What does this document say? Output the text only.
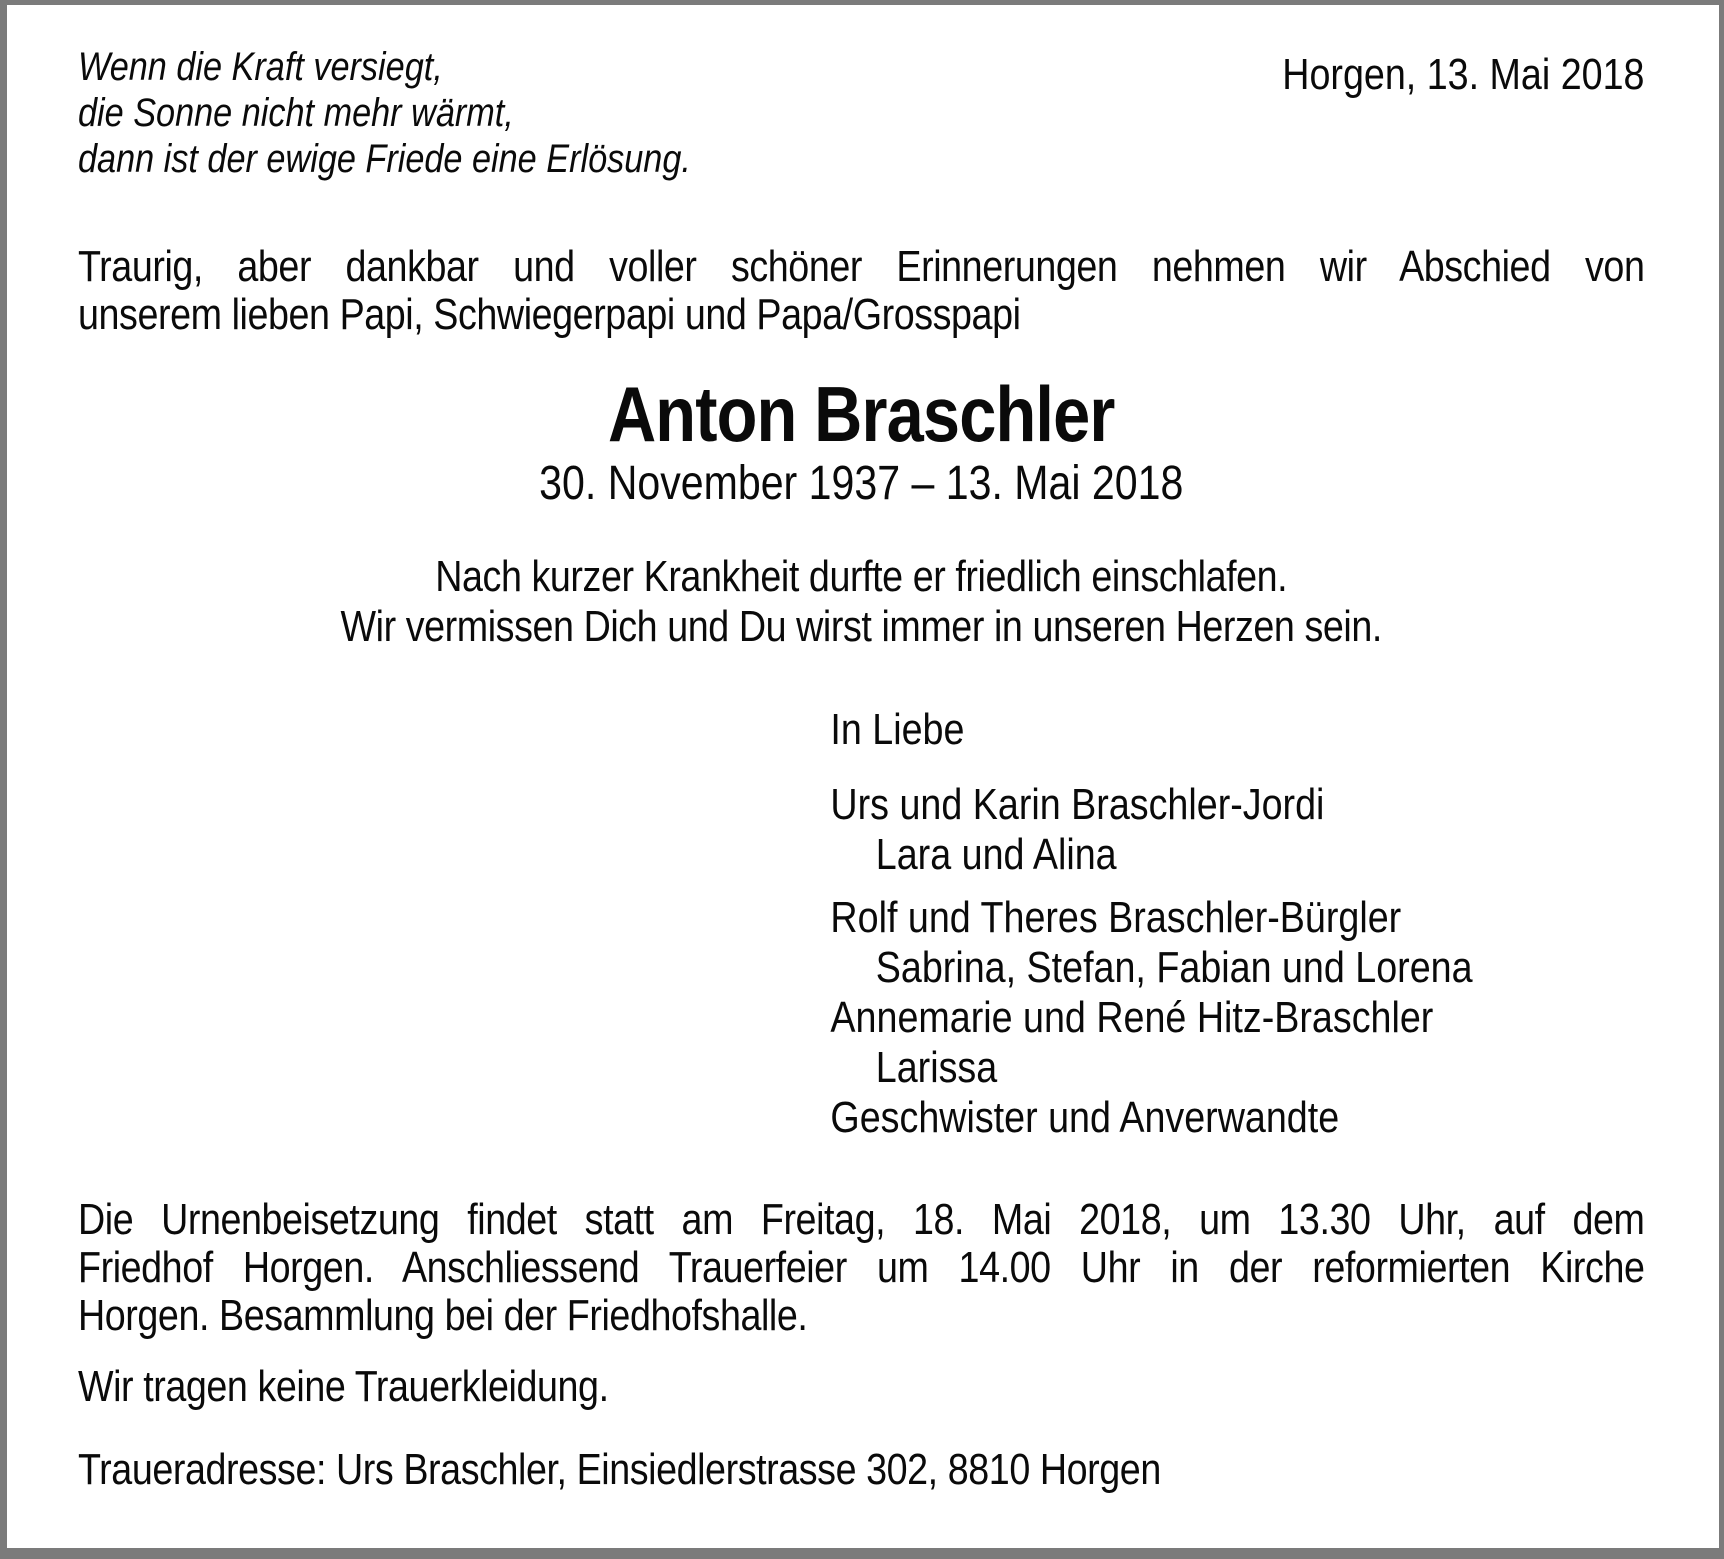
Wenn die Kraft versiegt,
die Sonne nicht mehr wärmt,
dann ist der ewige Friede eine Erlösung.
Horgen, 13. Mai 2018
Traurig, aber dankbar und voller schöner Erinnerungen nehmen wir Abschied von
unserem lieben Papi, Schwiegerpapi und Papa/Grosspapi
Anton Braschler
30. November 1937 – 13. Mai 2018
Nach kurzer Krankheit durfte er friedlich einschlafen.
Wir vermissen Dich und Du wirst immer in unseren Herzen sein.
In Liebe
Urs und Karin Braschler-Jordi
Lara und Alina
Rolf und Theres Braschler-Bürgler
Sabrina, Stefan, Fabian und Lorena
Annemarie und René Hitz-Braschler
Larissa
Geschwister und Anverwandte
Die Urnenbeisetzung findet statt am Freitag, 18. Mai 2018, um 13.30 Uhr, auf dem
Friedhof Horgen. Anschliessend Trauerfeier um 14.00 Uhr in der reformierten Kirche
Horgen. Besammlung bei der Friedhofshalle.
Wir tragen keine Trauerkleidung.
Traueradresse: Urs Braschler, Einsiedlerstrasse 302, 8810 Horgen
